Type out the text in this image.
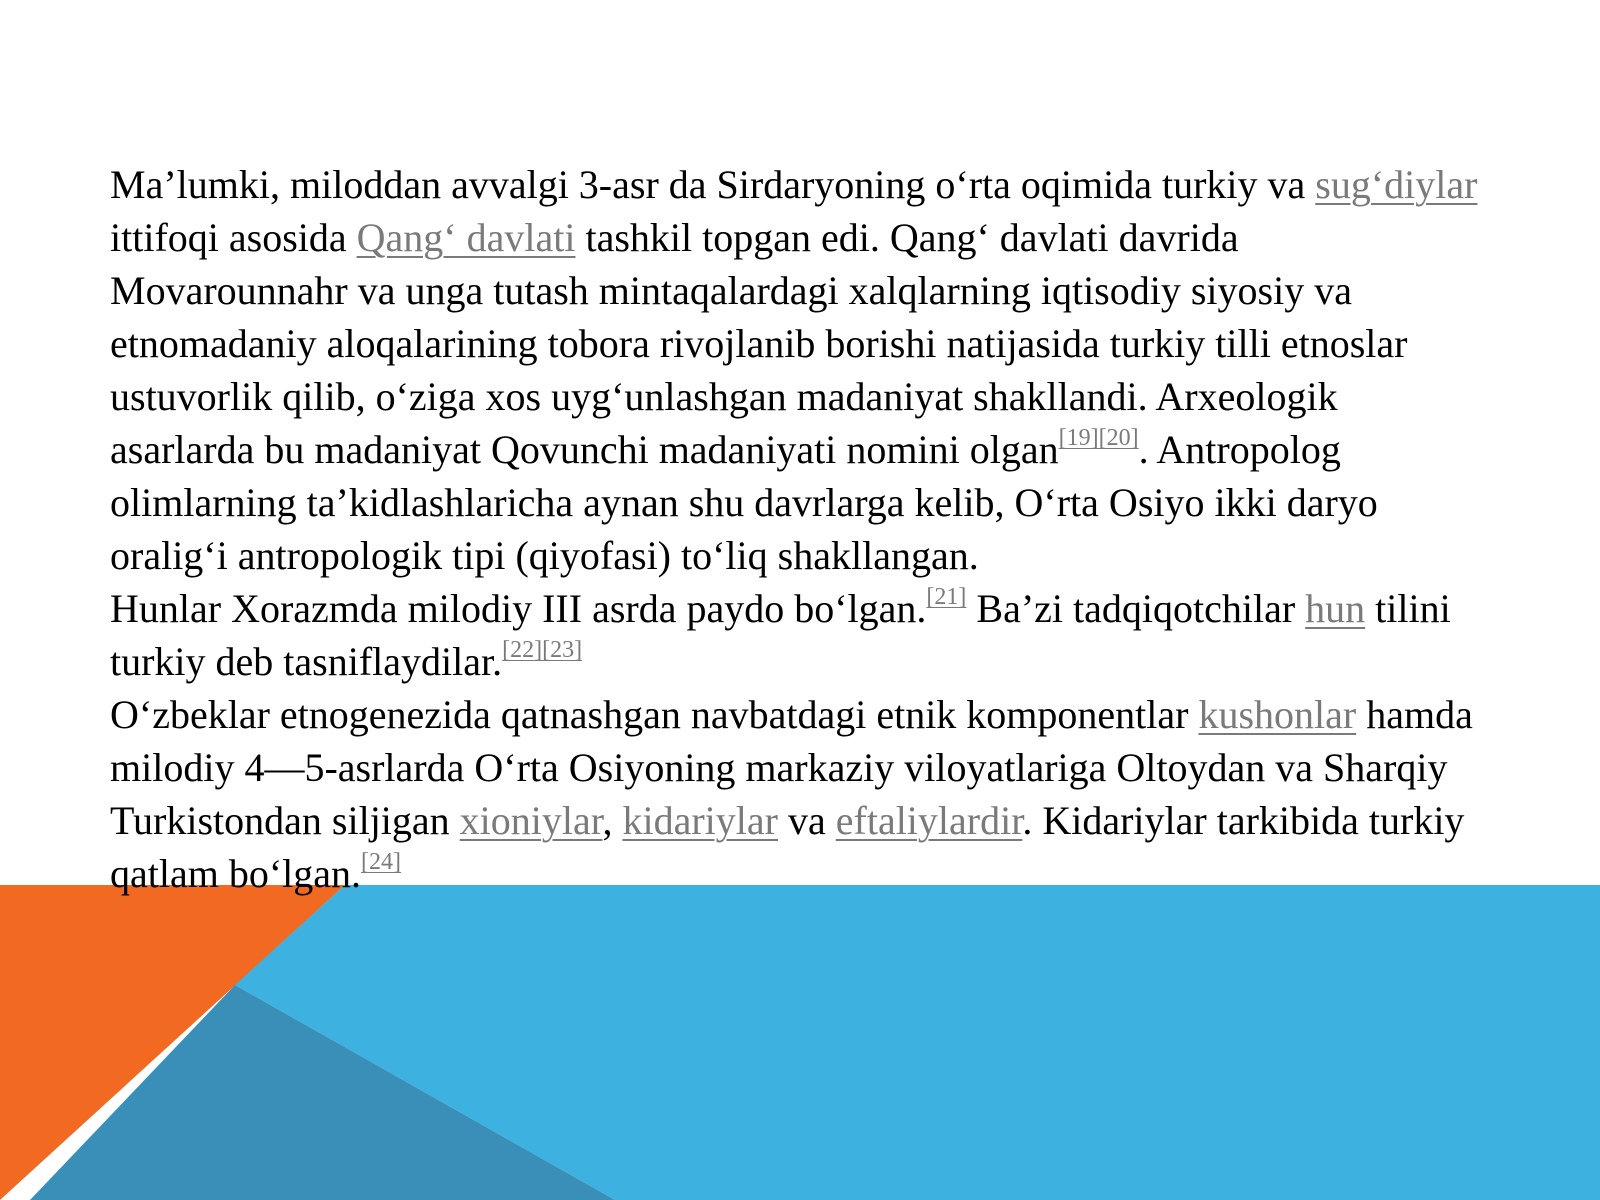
Ma’lumki, miloddan avvalgi 3-asr da Sirdaryoning o‘rta oqimida turkiy va sug‘diylar ittifoqi asosida Qang‘ davlati tashkil topgan edi. Qang‘ davlati davrida Movarounnahr va unga tutash mintaqalardagi xalqlarning iqtisodiy siyosiy va etnomadaniy aloqalarining tobora rivojlanib borishi natijasida turkiy tilli etnoslar ustuvorlik qilib, o‘ziga xos uyg‘unlashgan madaniyat shakllandi. Arxeologik asarlarda bu madaniyat Qovunchi madaniyati nomini olgan[19][20]. Antropolog olimlarning ta’kidlashlaricha aynan shu davrlarga kelib, O‘rta Osiyo ikki daryo oralig‘i antropologik tipi (qiyofasi) to‘liq shakllangan.

Hunlar Xorazmda milodiy III asrda paydo bo‘lgan.[21] Ba’zi tadqiqotchilar hun tilini turkiy deb tasniflaydilar.[22][23]

O‘zbeklar etnogenezida qatnashgan navbatdagi etnik komponentlar kushonlar hamda milodiy 4—5-asrlarda O‘rta Osiyoning markaziy viloyatlariga Oltoydan va Sharqiy Turkistondan siljigan xioniylar, kidariylar va eftaliylardir. Kidariylar tarkibida turkiy qatlam bo‘lgan.[24]
